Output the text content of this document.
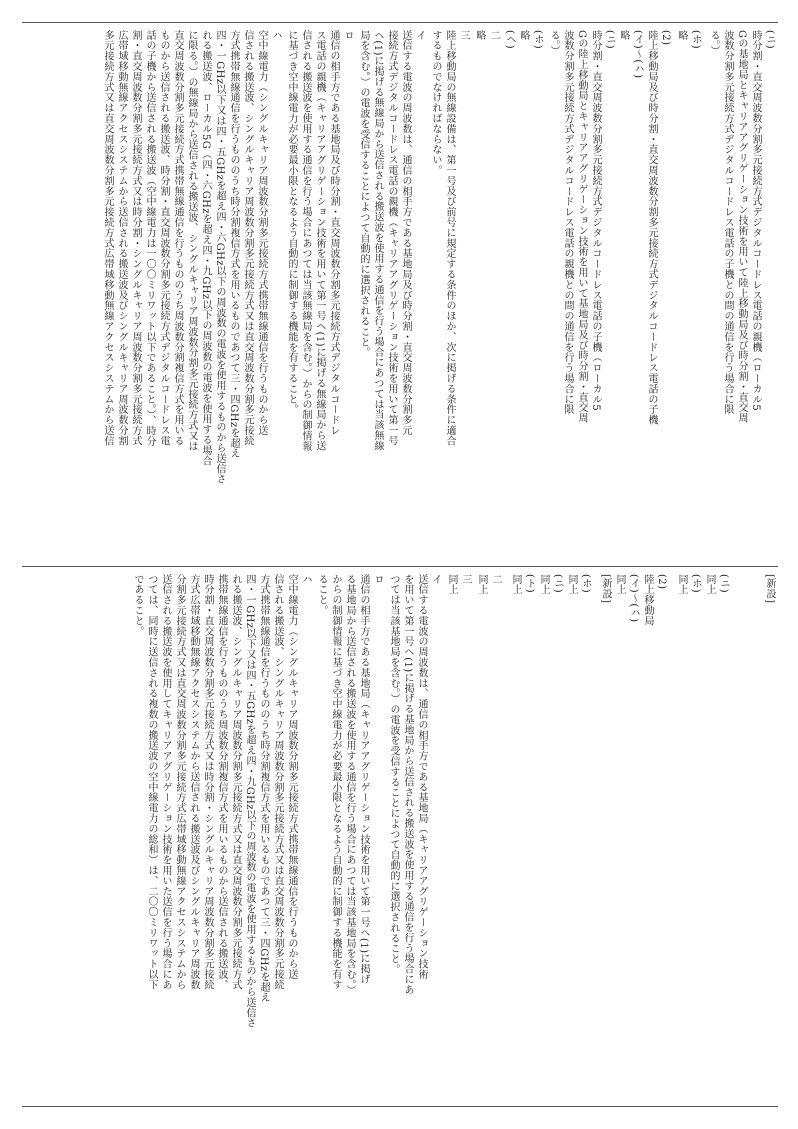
(ニ)
時分割・直交周波数分割多元接続方式デジタルコードレス電話の親機（ローカル5
Gの基地局とキャリアアグリゲーション技術を用いて陸上移動局及び時分割・直交周
波数分割多元接続方式デジタルコードレス電話の子機との間の通信を行う場合に限
る。）
(ホ)
略
(2)
陸上移動局及び時分割・直交周波数分割多元接続方式デジタルコードレス電話の子機
(イ)～(ハ)
略
(ニ)
時分割・直交周波数分割多元接続方式デジタルコードレス電話の子機（ローカル5
Gの陸上移動局とキャリアアグリゲーション技術を用いて基地局及び時分割・直交周
波数分割多元接続方式デジタルコードレス電話の親機との間の通信を行う場合に限
る。）
(ホ)
略
(ヘ)
二
略
三
陸上移動局の無線設備は、第一号及び前号に規定する条件のほか、次に掲げる条件に適合
するものでなければならない。
イ
送信する電波の周波数は、通信の相手方である基地局及び時分割・直交周波数分割多元
接続方式デジタルコードレス電話の親機（キャリアアグリゲーション技術を用いて第一号
ヘ(1)に掲げる無線局から送信される搬送波を使用する通信を行う場合にあつては当該無線
局を含む。）の電波を受信することによつて自動的に選択されること。
ロ
通信の相手方である基地局及び時分割・直交周波数分割多元接続方式デジタルコードレ
ス電話の親機（キャリアアグリゲーション技術を用いて第一号ヘ(1)に掲げる無線局から送
信される搬送波を使用する通信を行う場合にあつては当該無線局を含む。）からの制御情報
に基づき空中線電力が必要最小限となるよう自動的に制御する機能を有すること。
ハ
空中線電力（シングルキャリア周波数分割多元接続方式携帯無線通信を行うものから送
信される搬送波、シングルキャリア周波数分割多元接続方式又は直交周波数分割多元接続
方式携帯無線通信を行うもののうち時分割複信方式を用いるものであつて三・四GHzを超え
四・一GHz以下又は四・五GHzを超え四・六GHz以下の周波数の電波を使用するものから送信さ
れる搬送波、ローカル5G（四・六GHzを超え四・九GHz以下の周波数の電波を使用する場合
に限る。）の無線局から送信される搬送波、シングルキャリア周波数分割多元接続方式又は
直交周波数分割多元接続方式携帯無線通信を行うもののうち周波数分割複信方式を用いる
ものから送信される搬送波、時分割・直交周波数分割多元接続方式デジタルコードレス電
話の子機から送信される搬送波（空中線電力は一〇〇ミリワット以下であること。）、時分
割・直交周波数分割多元接続方式又は時分割・シングルキャリア周波数分割多元接続方式
広帯域移動無線アクセスシステムから送信される搬送波及びシングルキャリア周波数分割
多元接続方式又は直交周波数分割多元接続方式広帯域移動無線アクセスシステムから送信
[新設]
(ニ)
同上
(ホ)
同上
(2)
陸上移動局
(イ)～(ハ)
同上
[新設]
(ホ)
同上
(ニ)
同上
(ト)
同上
二
同上
三
同上
イ
送信する電波の周波数は、通信の相手方である基地局（キャリアアグリゲーション技術
を用いて第一号ヘ(1)に掲げる基地局から送信される搬送波を使用する通信を行う場合にあ
つては当該基地局を含む。）の電波を受信することによつて自動的に選択されること。
ロ
通信の相手方である基地局（キャリアアグリゲーション技術を用いて第一号ヘ(1)に掲げ
る基地局から送信される搬送波を使用する通信を行う場合にあつては当該基地局を含む。）
からの制御情報に基づき空中線電力が必要最小限となるよう自動的に制御する機能を有す
ること。
ハ
空中線電力（シングルキャリア周波数分割多元接続方式携帯無線通信を行うものから送
信される搬送波、シングルキャリア周波数分割多元接続方式又は直交周波数分割多元接続
方式携帯無線通信を行うもののうち時分割複信方式を用いるものであつて三・四GHzを超え
四・一GHz以下又は四・五GHzを超え四・九GHz以下の周波数の電波を使用するものから送信さ
れる搬送波、シングルキャリア周波数分割多元接続方式又は直交周波数分割多元接続方式
携帯無線通信を行うもののうち周波数分割複信方式を用いるものから送信される搬送波、
時分割・直交周波数分割多元接続方式又は時分割・シングルキャリア周波数分割多元接続
方式広帯域移動無線アクセスシステムから送信される搬送波及びシングルキャリア周波数
分割多元接続方式又は直交周波数分割多元接続方式広帯域移動無線アクセスシステムから
送信される搬送波を使用してキャリアアグリゲーション技術を用いた送信を行う場合にあ
つては、同時に送信される複数の搬送波の空中線電力の総和）は、二〇〇ミリワット以下
であること。
